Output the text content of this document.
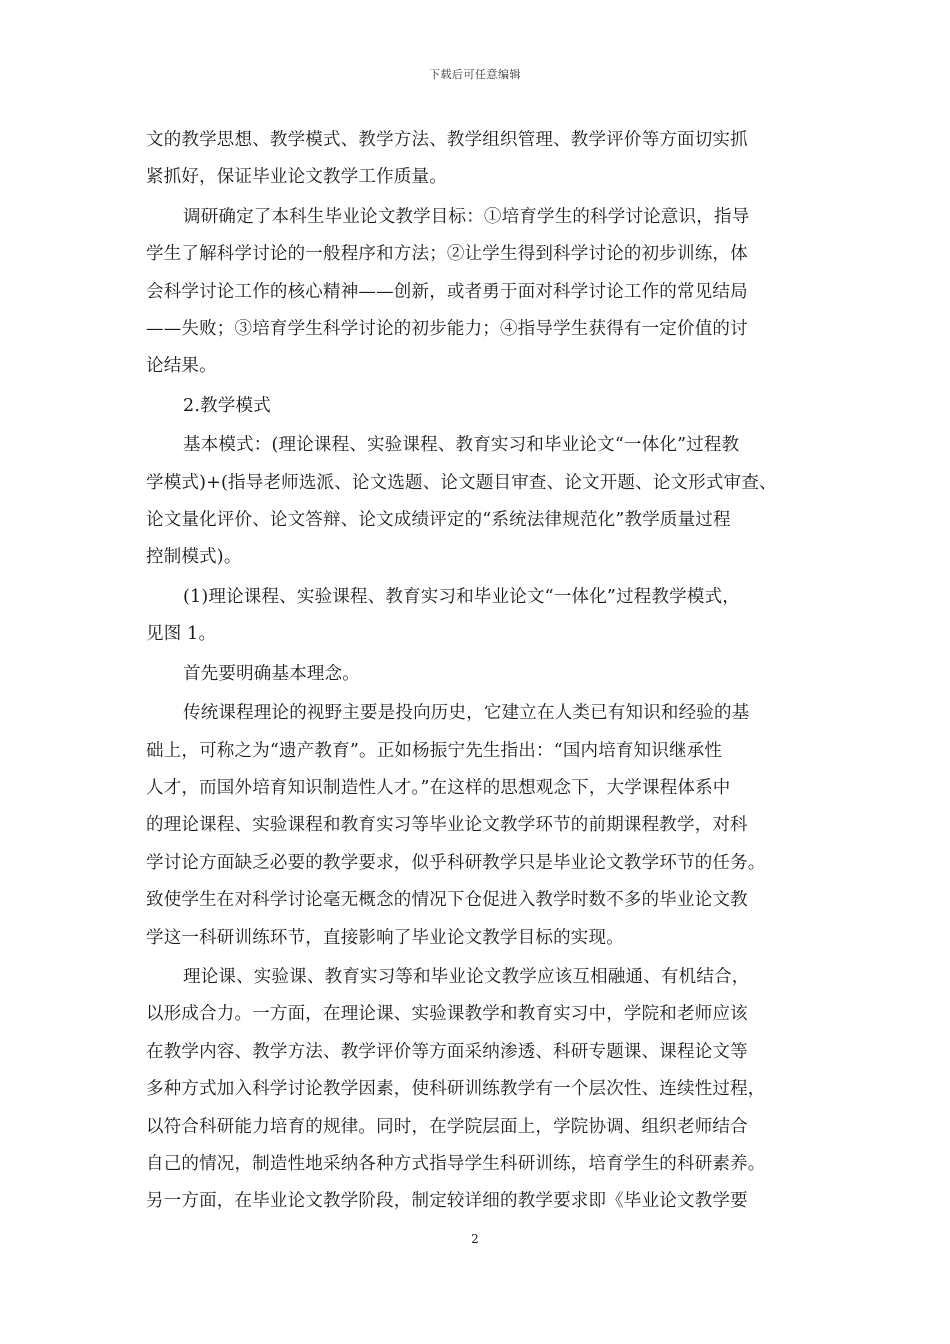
下载后可任意编辑
文的教学思想、教学模式、教学方法、教学组织管理、教学评价等方面切实抓
紧抓好，保证毕业论文教学工作质量。
调研确定了本科生毕业论文教学目标：①培育学生的科学讨论意识，指导
学生了解科学讨论的一般程序和方法；②让学生得到科学讨论的初步训练，体
会科学讨论工作的核心精神——创新，或者勇于面对科学讨论工作的常见结局
——失败；③培育学生科学讨论的初步能力；④指导学生获得有一定价值的讨
论结果。
2.教学模式
基本模式：(理论课程、实验课程、教育实习和毕业论文“一体化”过程教
学模式)+(指导老师选派、论文选题、论文题目审查、论文开题、论文形式审查、
论文量化评价、论文答辩、论文成绩评定的“系统法律规范化”教学质量过程
控制模式)。
(1)理论课程、实验课程、教育实习和毕业论文“一体化”过程教学模式，
见图 1。
首先要明确基本理念。
传统课程理论的视野主要是投向历史，它建立在人类已有知识和经验的基
础上，可称之为“遗产教育”。正如杨振宁先生指出：“国内培育知识继承性
人才，而国外培育知识制造性人才。”在这样的思想观念下，大学课程体系中
的理论课程、实验课程和教育实习等毕业论文教学环节的前期课程教学，对科
学讨论方面缺乏必要的教学要求，似乎科研教学只是毕业论文教学环节的任务。
致使学生在对科学讨论毫无概念的情况下仓促进入教学时数不多的毕业论文教
学这一科研训练环节，直接影响了毕业论文教学目标的实现。
理论课、实验课、教育实习等和毕业论文教学应该互相融通、有机结合，
以形成合力。一方面，在理论课、实验课教学和教育实习中，学院和老师应该
在教学内容、教学方法、教学评价等方面采纳渗透、科研专题课、课程论文等
多种方式加入科学讨论教学因素，使科研训练教学有一个层次性、连续性过程，
以符合科研能力培育的规律。同时，在学院层面上，学院协调、组织老师结合
自己的情况，制造性地采纳各种方式指导学生科研训练，培育学生的科研素养。
另一方面，在毕业论文教学阶段，制定较详细的教学要求即《毕业论文教学要
2
